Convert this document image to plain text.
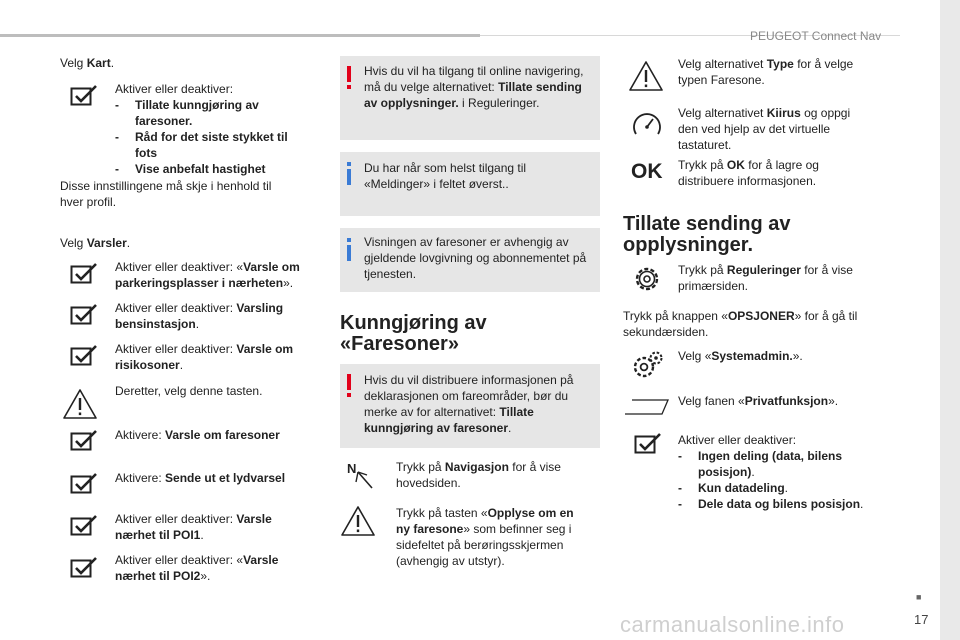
PEUGEOT Connect Nav
■
17
carmanualsonline.info
Velg Kart.
Aktiver eller deaktiver:
- Tillate kunngjøring av faresoner.
- Råd for det siste stykket til fots
- Vise anbefalt hastighet
Disse innstillingene må skje i henhold til hver profil.
Velg Varsler.
Aktiver eller deaktiver: «Varsle om parkeringsplasser i nærheten».
Aktiver eller deaktiver: Varsling bensinstasjon.
Aktiver eller deaktiver: Varsle om risikosoner.
Deretter, velg denne tasten.
Aktivere: Varsle om faresoner
Aktivere: Sende ut et lydvarsel
Aktiver eller deaktiver: Varsle nærhet til POI1.
Aktiver eller deaktiver: «Varsle nærhet til POI2».
Hvis du vil ha tilgang til online navigering, må du velge alternativet: Tillate sending av opplysninger. i Reguleringer.
Du har når som helst tilgang til «Meldinger» i feltet øverst..
Visningen av faresoner er avhengig av gjeldende lovgivning og abonnementet på tjenesten.
Kunngjøring av «Faresoner»
Hvis du vil distribuere informasjonen på deklarasjonen om fareområder, bør du merke av for alternativet: Tillate kunngjøring av faresoner.
N	Trykk på Navigasjon for å vise hovedsiden.
Trykk på tasten «Opplyse om en ny faresone» som befinner seg i sidefeltet på berøringsskjermen (avhengig av utstyr).
Velg alternativet Type for å velge typen Faresone.
Velg alternativet Kiirus og oppgi den ved hjelp av det virtuelle tastaturet.
OK Trykk på OK for å lagre og distribuere informasjonen.
Tillate sending av opplysninger.
Trykk på Reguleringer for å vise primærsiden.
Trykk på knappen «OPSJONER» for å gå til sekundærsiden.
Velg «Systemadmin.».
Velg fanen «Privatfunksjon».
Aktiver eller deaktiver:
- Ingen deling (data, bilens posisjon).
- Kun datadeling.
- Dele data og bilens posisjon.
